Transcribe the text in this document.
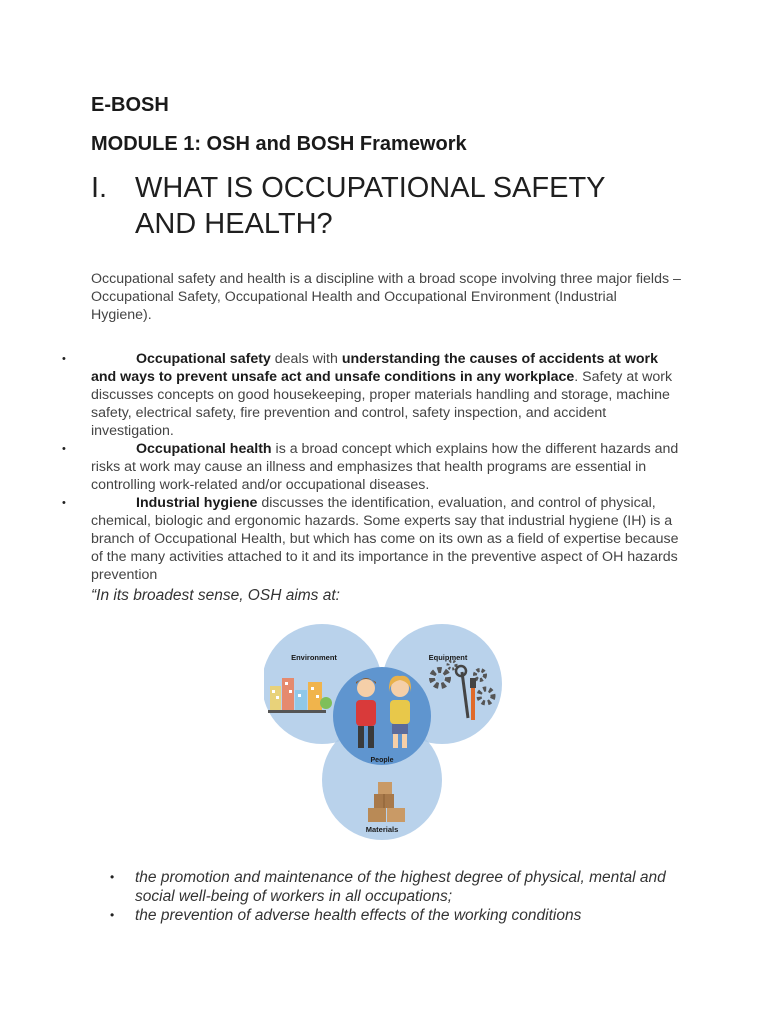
E-BOSH
MODULE 1: OSH and BOSH Framework
I. WHAT IS OCCUPATIONAL SAFETY
AND HEALTH?

Occupational safety and health is a discipline with a broad scope involving three major fields – Occupational Safety, Occupational Health and Occupational Environment (Industrial Hygiene).

•	Occupational safety deals with understanding the causes of accidents at work and ways to prevent unsafe act and unsafe conditions in any workplace. Safety at work discusses concepts on good housekeeping, proper materials handling and storage, machine safety, electrical safety, fire prevention and control, safety inspection, and accident investigation.
•	Occupational health is a broad concept which explains how the different hazards and risks at work may cause an illness and emphasizes that health programs are essential in controlling work-related and/or occupational diseases.
•	Industrial hygiene discusses the identification, evaluation, and control of physical, chemical, biologic and ergonomic hazards. Some experts say that industrial hygiene (IH) is a branch of Occupational Health, but which has come on its own as a field of expertise because of the many activities attached to it and its importance in the preventive aspect of OH hazards prevention

“In its broadest sense, OSH aims at:

Environment	Equipment
People
Materials
• the promotion and maintenance of the highest degree of physical, mental and social well-being of workers in all occupations;
• the prevention of adverse health effects of the working conditions
